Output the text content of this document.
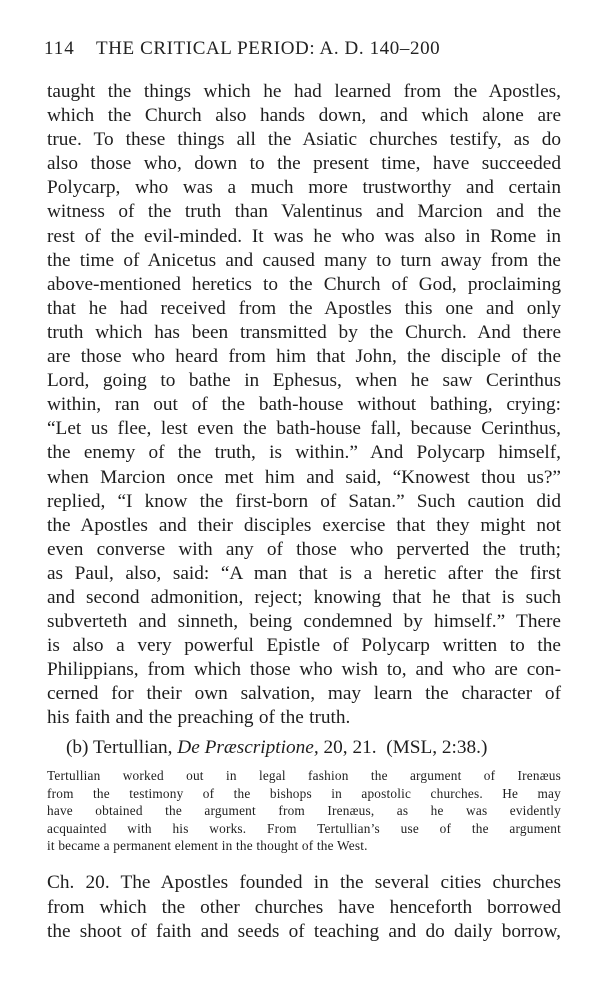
114 THE CRITICAL PERIOD: A. D. 140–200
taught the things which he had learned from the Apostles,
which the Church also hands down, and which alone are
true. To these things all the Asiatic churches testify, as do
also those who, down to the present time, have succeeded
Polycarp, who was a much more trustworthy and certain
witness of the truth than Valentinus and Marcion and the
rest of the evil-minded. It was he who was also in Rome in
the time of Anicetus and caused many to turn away from the
above-mentioned heretics to the Church of God, proclaiming
that he had received from the Apostles this one and only
truth which has been transmitted by the Church. And there
are those who heard from him that John, the disciple of the
Lord, going to bathe in Ephesus, when he saw Cerinthus
within, ran out of the bath-house without bathing, crying:
“Let us flee, lest even the bath-house fall, because Cerinthus,
the enemy of the truth, is within.” And Polycarp himself,
when Marcion once met him and said, “Knowest thou us?”
replied, “I know the first-born of Satan.” Such caution did
the Apostles and their disciples exercise that they might not
even converse with any of those who perverted the truth;
as Paul, also, said: “A man that is a heretic after the first
and second admonition, reject; knowing that he that is such
subverteth and sinneth, being condemned by himself.” There
is also a very powerful Epistle of Polycarp written to the
Philippians, from which those who wish to, and who are con-
cerned for their own salvation, may learn the character of
his faith and the preaching of the truth.
(b) Tertullian, De Præscriptione, 20, 21. (MSL, 2:38.)
Tertullian worked out in legal fashion the argument of Irenæus
from the testimony of the bishops in apostolic churches. He may
have obtained the argument from Irenæus, as he was evidently
acquainted with his works. From Tertullian’s use of the argument
it became a permanent element in the thought of the West.
Ch. 20. The Apostles founded in the several cities churches
from which the other churches have henceforth borrowed
the shoot of faith and seeds of teaching and do daily borrow,
